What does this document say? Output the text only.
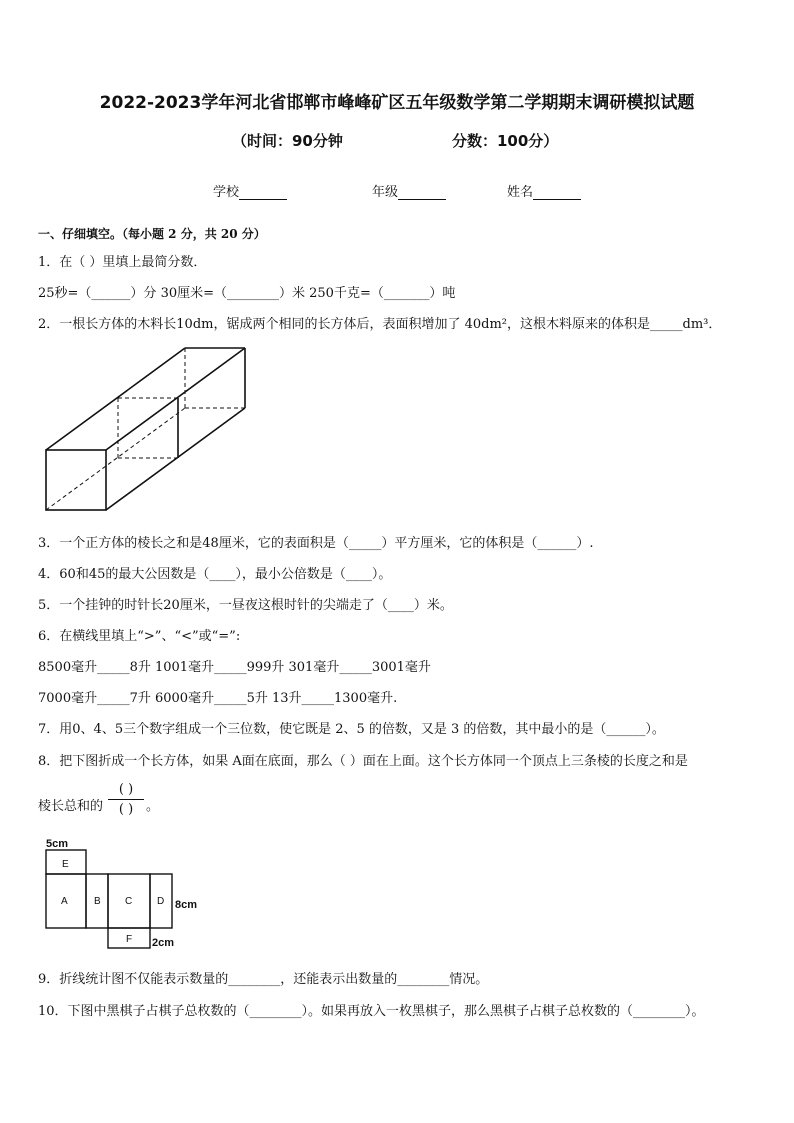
2022-2023学年河北省邯郸市峰峰矿区五年级数学第二学期期末调研模拟试题
（时间：90分钟	分数：100分）
学校	年级	姓名
一、仔细填空。（每小题 2 分，共 20 分）
1．在（ ）里填上最简分数．
25秒=（______）分 30厘米=（________）米 250千克=（_______）吨
2．一根长方体的木料长10dm，锯成两个相同的长方体后，表面积增加了 40dm²，这根木料原来的体积是_____dm³．
3．一个正方体的棱长之和是48厘米，它的表面积是（_____）平方厘米，它的体积是（______）.
4．60和45的最大公因数是（____），最小公倍数是（____）。
5．一个挂钟的时针长20厘米，一昼夜这根时针的尖端走了（____）米。
6．在横线里填上“>”、“<”或“=”:
8500毫升_____8升 1001毫升_____999升 301毫升_____3001毫升
7000毫升_____7升 6000毫升_____5升 13升_____1300毫升.
7．用0、4、5三个数字组成一个三位数，使它既是 2、5 的倍数，又是 3 的倍数，其中最小的是（______）。
8．把下图折成一个长方体，如果 A面在底面，那么（ ）面在上面。这个长方体同一个顶点上三条棱的长度之和是
棱长总和的
( )
( ) 。
5cm
E
A	B C D
F
8cm
2cm
9．折线统计图不仅能表示数量的________，还能表示出数量的________情况。
10．下图中黑棋子占棋子总枚数的（________）。如果再放入一枚黑棋子，那么黑棋子占棋子总枚数的（________）。
